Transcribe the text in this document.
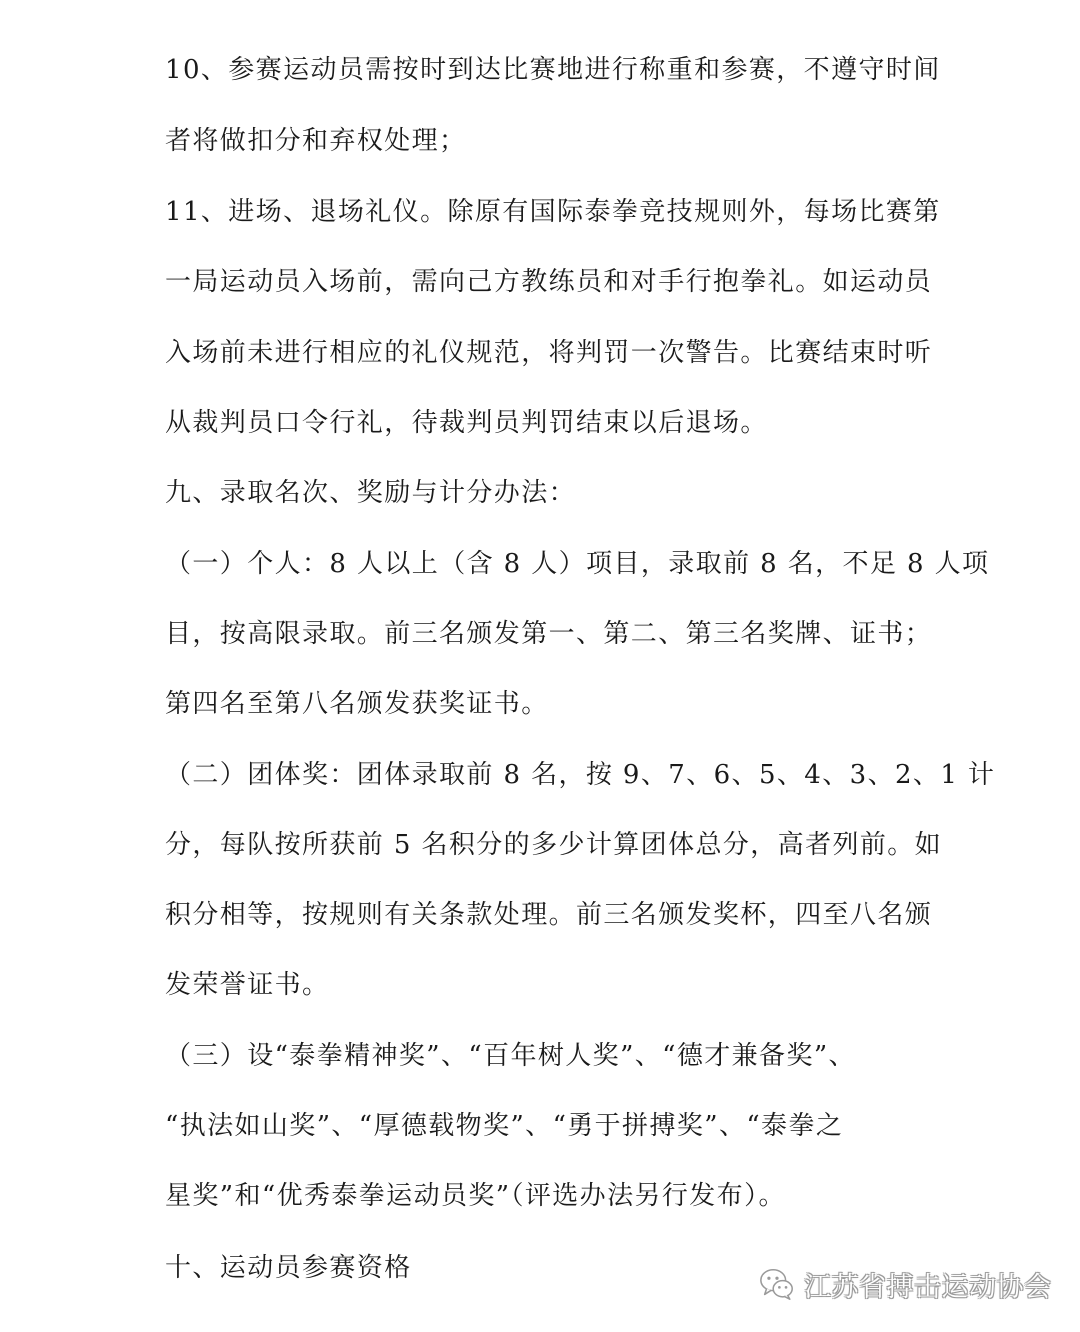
10、参赛运动员需按时到达比赛地进行称重和参赛，不遵守时间
者将做扣分和弃权处理；
11、进场、退场礼仪。除原有国际泰拳竞技规则外，每场比赛第
一局运动员入场前，需向己方教练员和对手行抱拳礼。如运动员
入场前未进行相应的礼仪规范，将判罚一次警告。比赛结束时听
从裁判员口令行礼，待裁判员判罚结束以后退场。
九、录取名次、奖励与计分办法：
（一）个人：8 人以上（含 8 人）项目，录取前 8 名，不足 8 人项
目，按高限录取。前三名颁发第一、第二、第三名奖牌、证书；
第四名至第八名颁发获奖证书。
（二）团体奖：团体录取前 8 名，按 9、7、6、5、4、3、2、1 计
分，每队按所获前 5 名积分的多少计算团体总分，高者列前。如
积分相等，按规则有关条款处理。前三名颁发奖杯，四至八名颁
发荣誉证书。
（三）设“泰拳精神奖”、“百年树人奖”、“德才兼备奖”、
“执法如山奖”、“厚德载物奖”、“勇于拼搏奖”、“泰拳之
星奖”和“优秀泰拳运动员奖”（评选办法另行发布）。
十、运动员参赛资格
江苏省搏击运动协会
